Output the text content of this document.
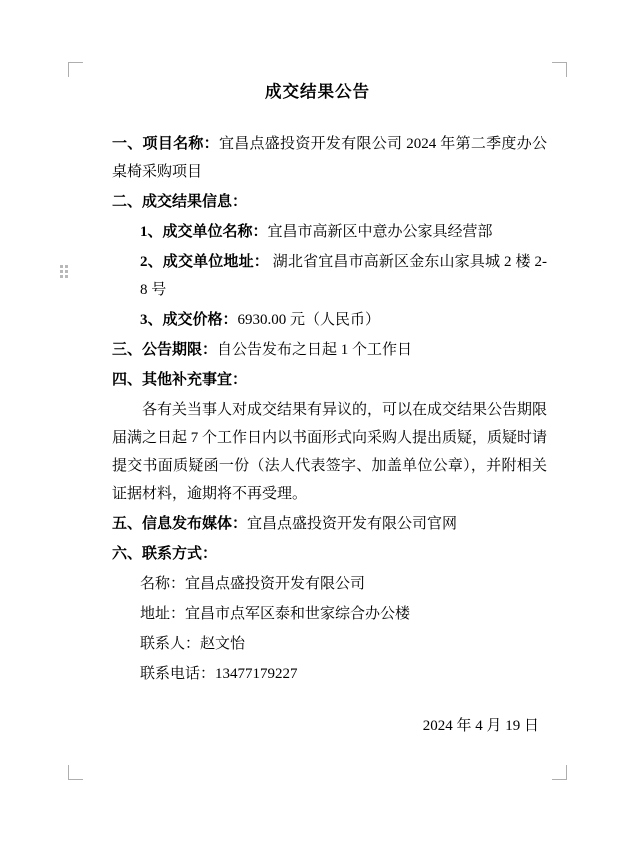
成交结果公告

一、项目名称：宜昌点盛投资开发有限公司 2024 年第二季度办公桌椅采购项目

二、成交结果信息：

1、成交单位名称：宜昌市高新区中意办公家具经营部

2、成交单位地址： 湖北省宜昌市高新区金东山家具城 2 楼 2-8 号

3、成交价格：6930.00 元（人民币）

三、公告期限：自公告发布之日起 1 个工作日

四、其他补充事宜：

各有关当事人对成交结果有异议的，可以在成交结果公告期限届满之日起 7 个工作日内以书面形式向采购人提出质疑，质疑时请提交书面质疑函一份（法人代表签字、加盖单位公章），并附相关证据材料，逾期将不再受理。

五、信息发布媒体：宜昌点盛投资开发有限公司官网

六、联系方式：

名称：宜昌点盛投资开发有限公司

地址：宜昌市点军区泰和世家综合办公楼

联系人：赵文怡

联系电话：13477179227

2024 年 4 月 19 日
